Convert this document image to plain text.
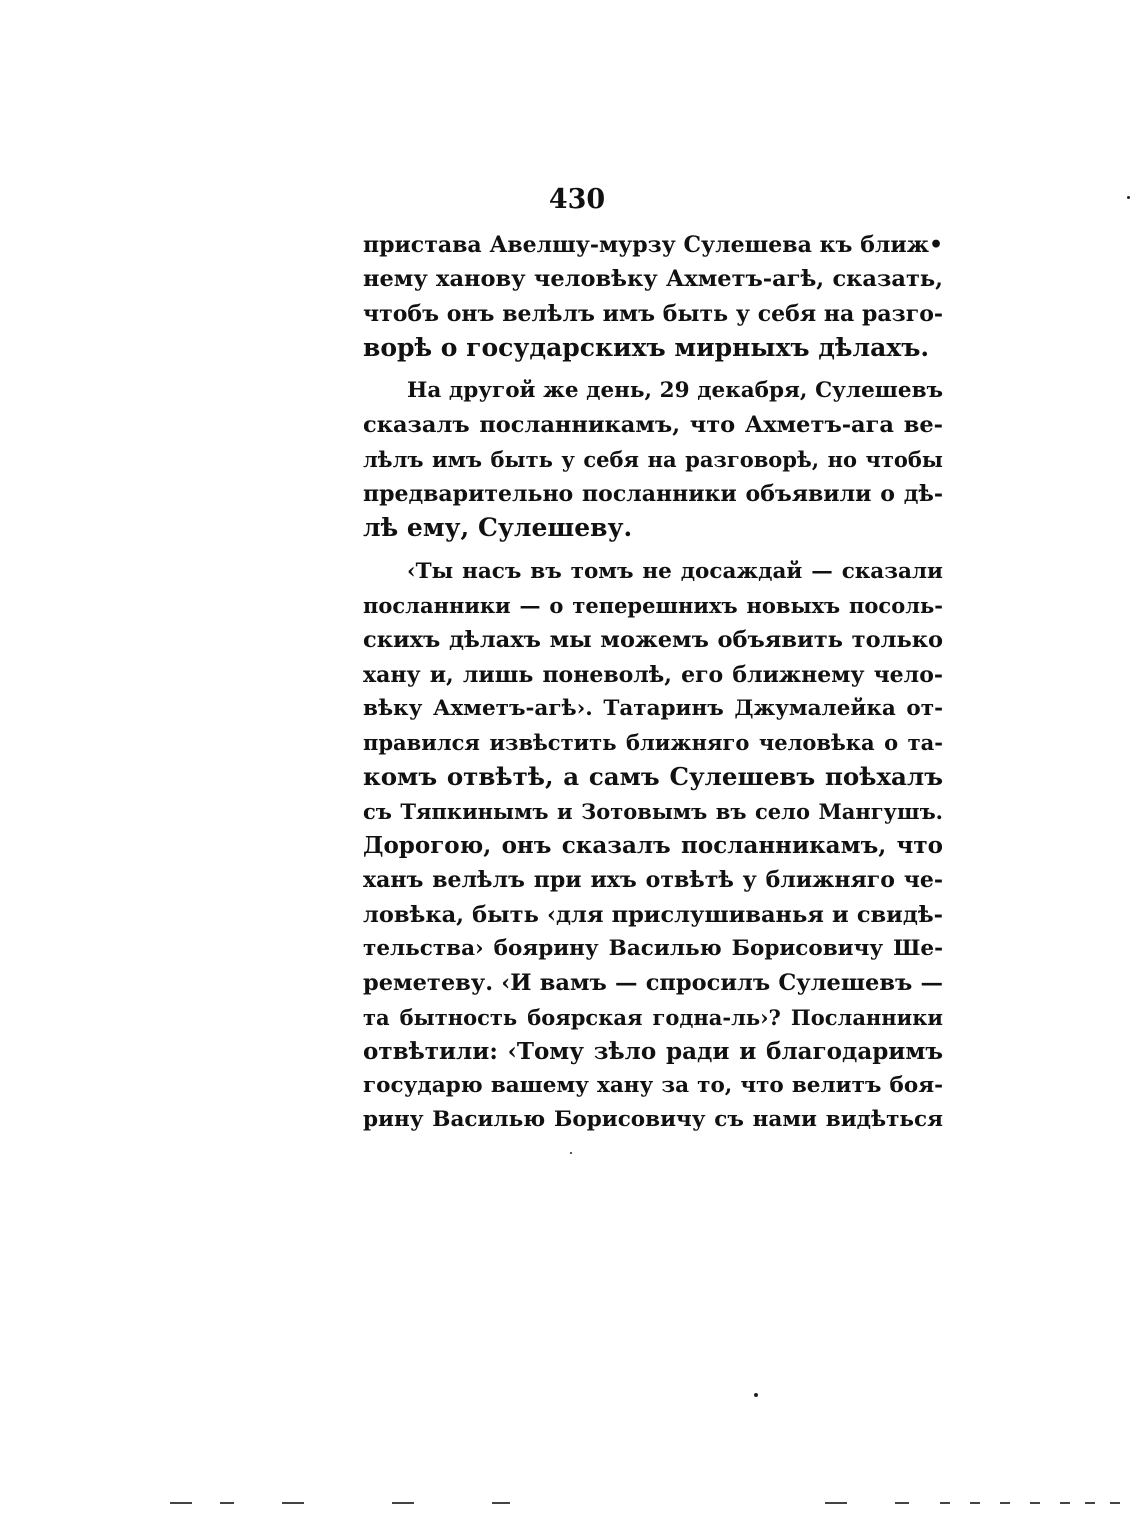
430
пристава Авелшу-мурзу Сулешева къ ближ•
нему ханову человѣку Ахметъ-агѣ, сказать,
чтобъ онъ велѣлъ имъ быть у себя на разго-
ворѣ о государскихъ мирныхъ дѣлахъ.
На другой же день, 29 декабря, Сулешевъ
сказалъ посланникамъ, что Ахметъ-ага ве-
лѣлъ имъ быть у себя на разговорѣ, но чтобы
предварительно посланники объявили о дѣ-
лѣ ему, Сулешеву.
‹Ты насъ въ томъ не досаждай — сказали
посланники — о теперешнихъ новыхъ посоль-
скихъ дѣлахъ мы можемъ объявить только
хану и, лишь поневолѣ, его ближнему чело-
вѣку Ахметъ-агѣ›. Татаринъ Джумалейка от-
правился извѣстить ближняго человѣка о та-
комъ отвѣтѣ, а самъ Сулешевъ поѣхалъ
съ Тяпкинымъ и Зотовымъ въ село Мангушъ.
Дорогою, онъ сказалъ посланникамъ, что
ханъ велѣлъ при ихъ отвѣтѣ у ближняго че-
ловѣка, быть ‹для прислушиванья и свидѣ-
тельства› боярину Василью Борисовичу Ше-
реметеву. ‹И вамъ — спросилъ Сулешевъ —
та бытность боярская годна-ль›? Посланники
отвѣтили: ‹Тому зѣло ради и благодаримъ
государю вашему хану за то, что велитъ боя-
рину Василью Борисовичу съ нами видѣться
